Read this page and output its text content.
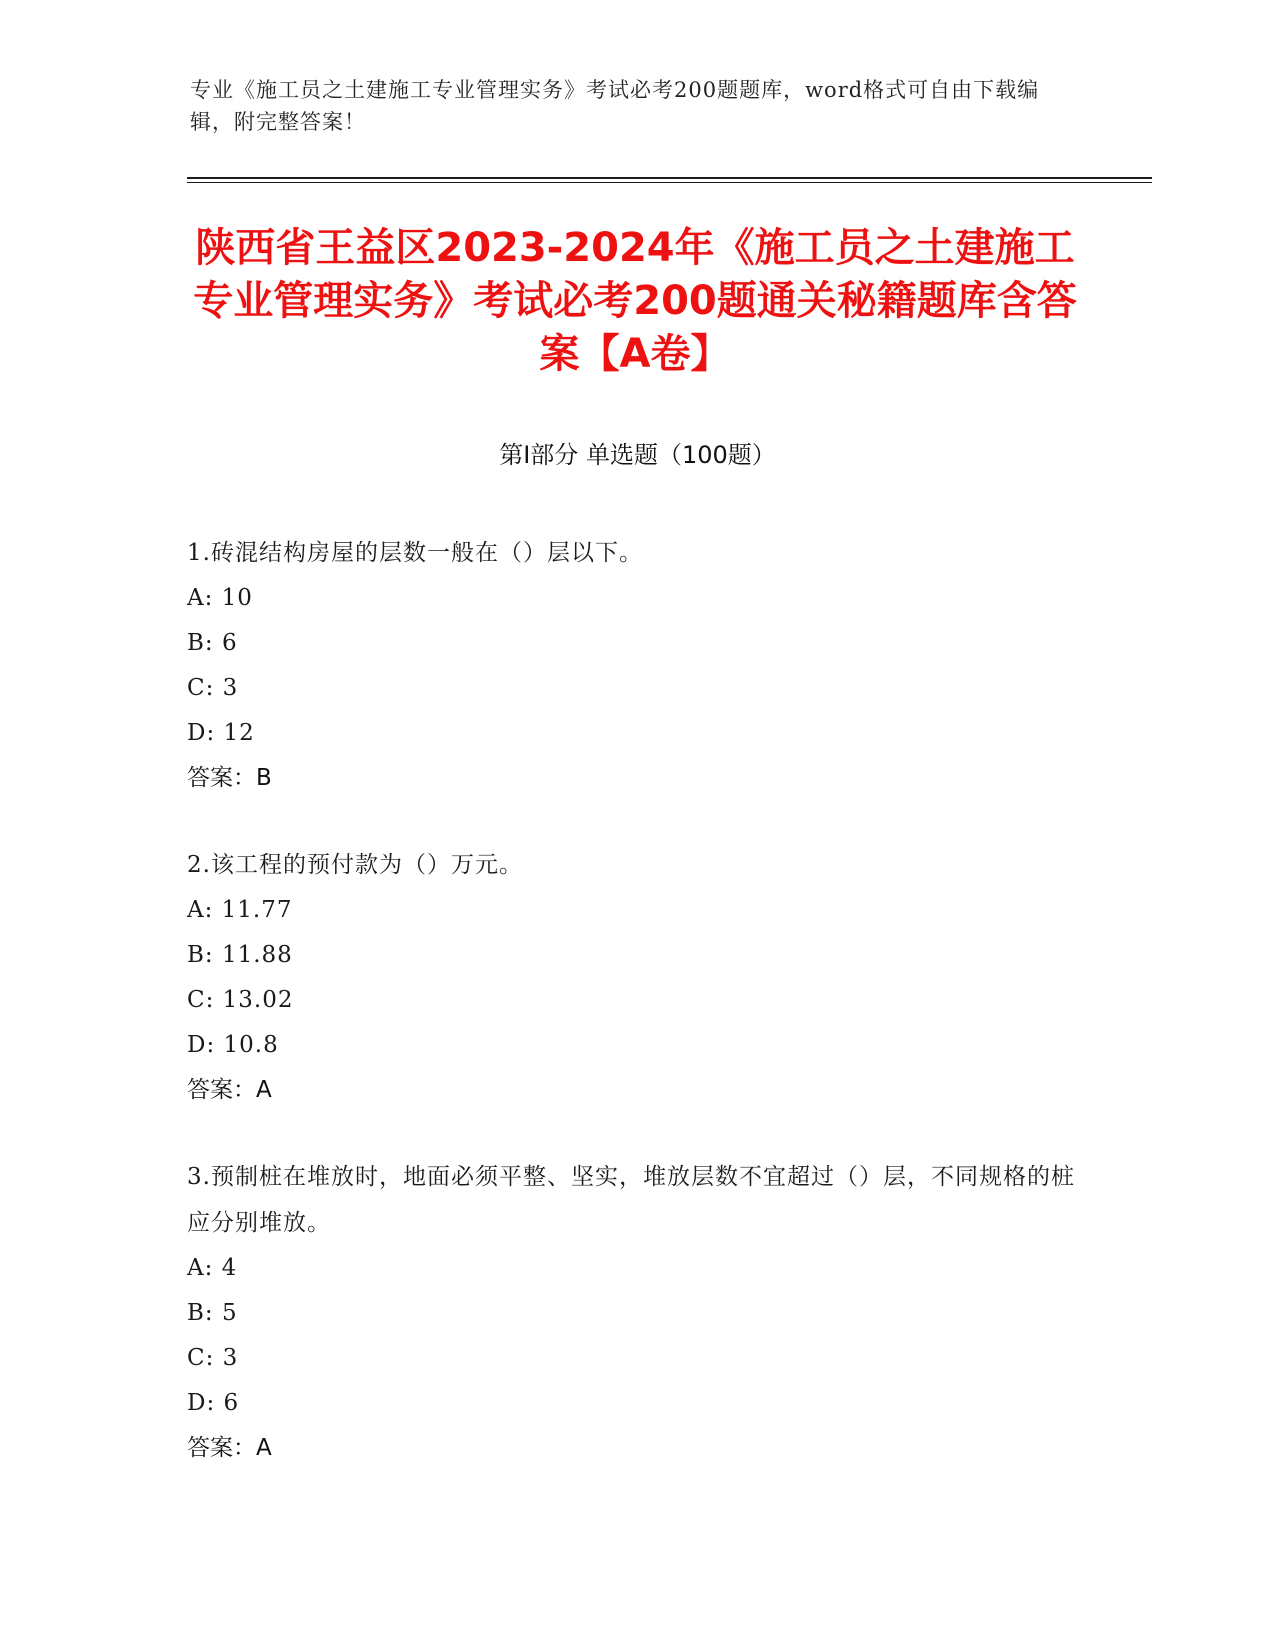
专业《施工员之土建施工专业管理实务》考试必考200题题库，word格式可自由下载编辑，附完整答案！
陕西省王益区2023-2024年《施工员之土建施工专业管理实务》考试必考200题通关秘籍题库含答案【A卷】
第I部分 单选题（100题）
1.砖混结构房屋的层数一般在（）层以下。
A: 10
B: 6
C: 3
D: 12
答案：B
2.该工程的预付款为（）万元。
A: 11.77
B: 11.88
C: 13.02
D: 10.8
答案：A
3.预制桩在堆放时，地面必须平整、坚实，堆放层数不宜超过（）层，不同规格的桩应分别堆放。
A: 4
B: 5
C: 3
D: 6
答案：A
